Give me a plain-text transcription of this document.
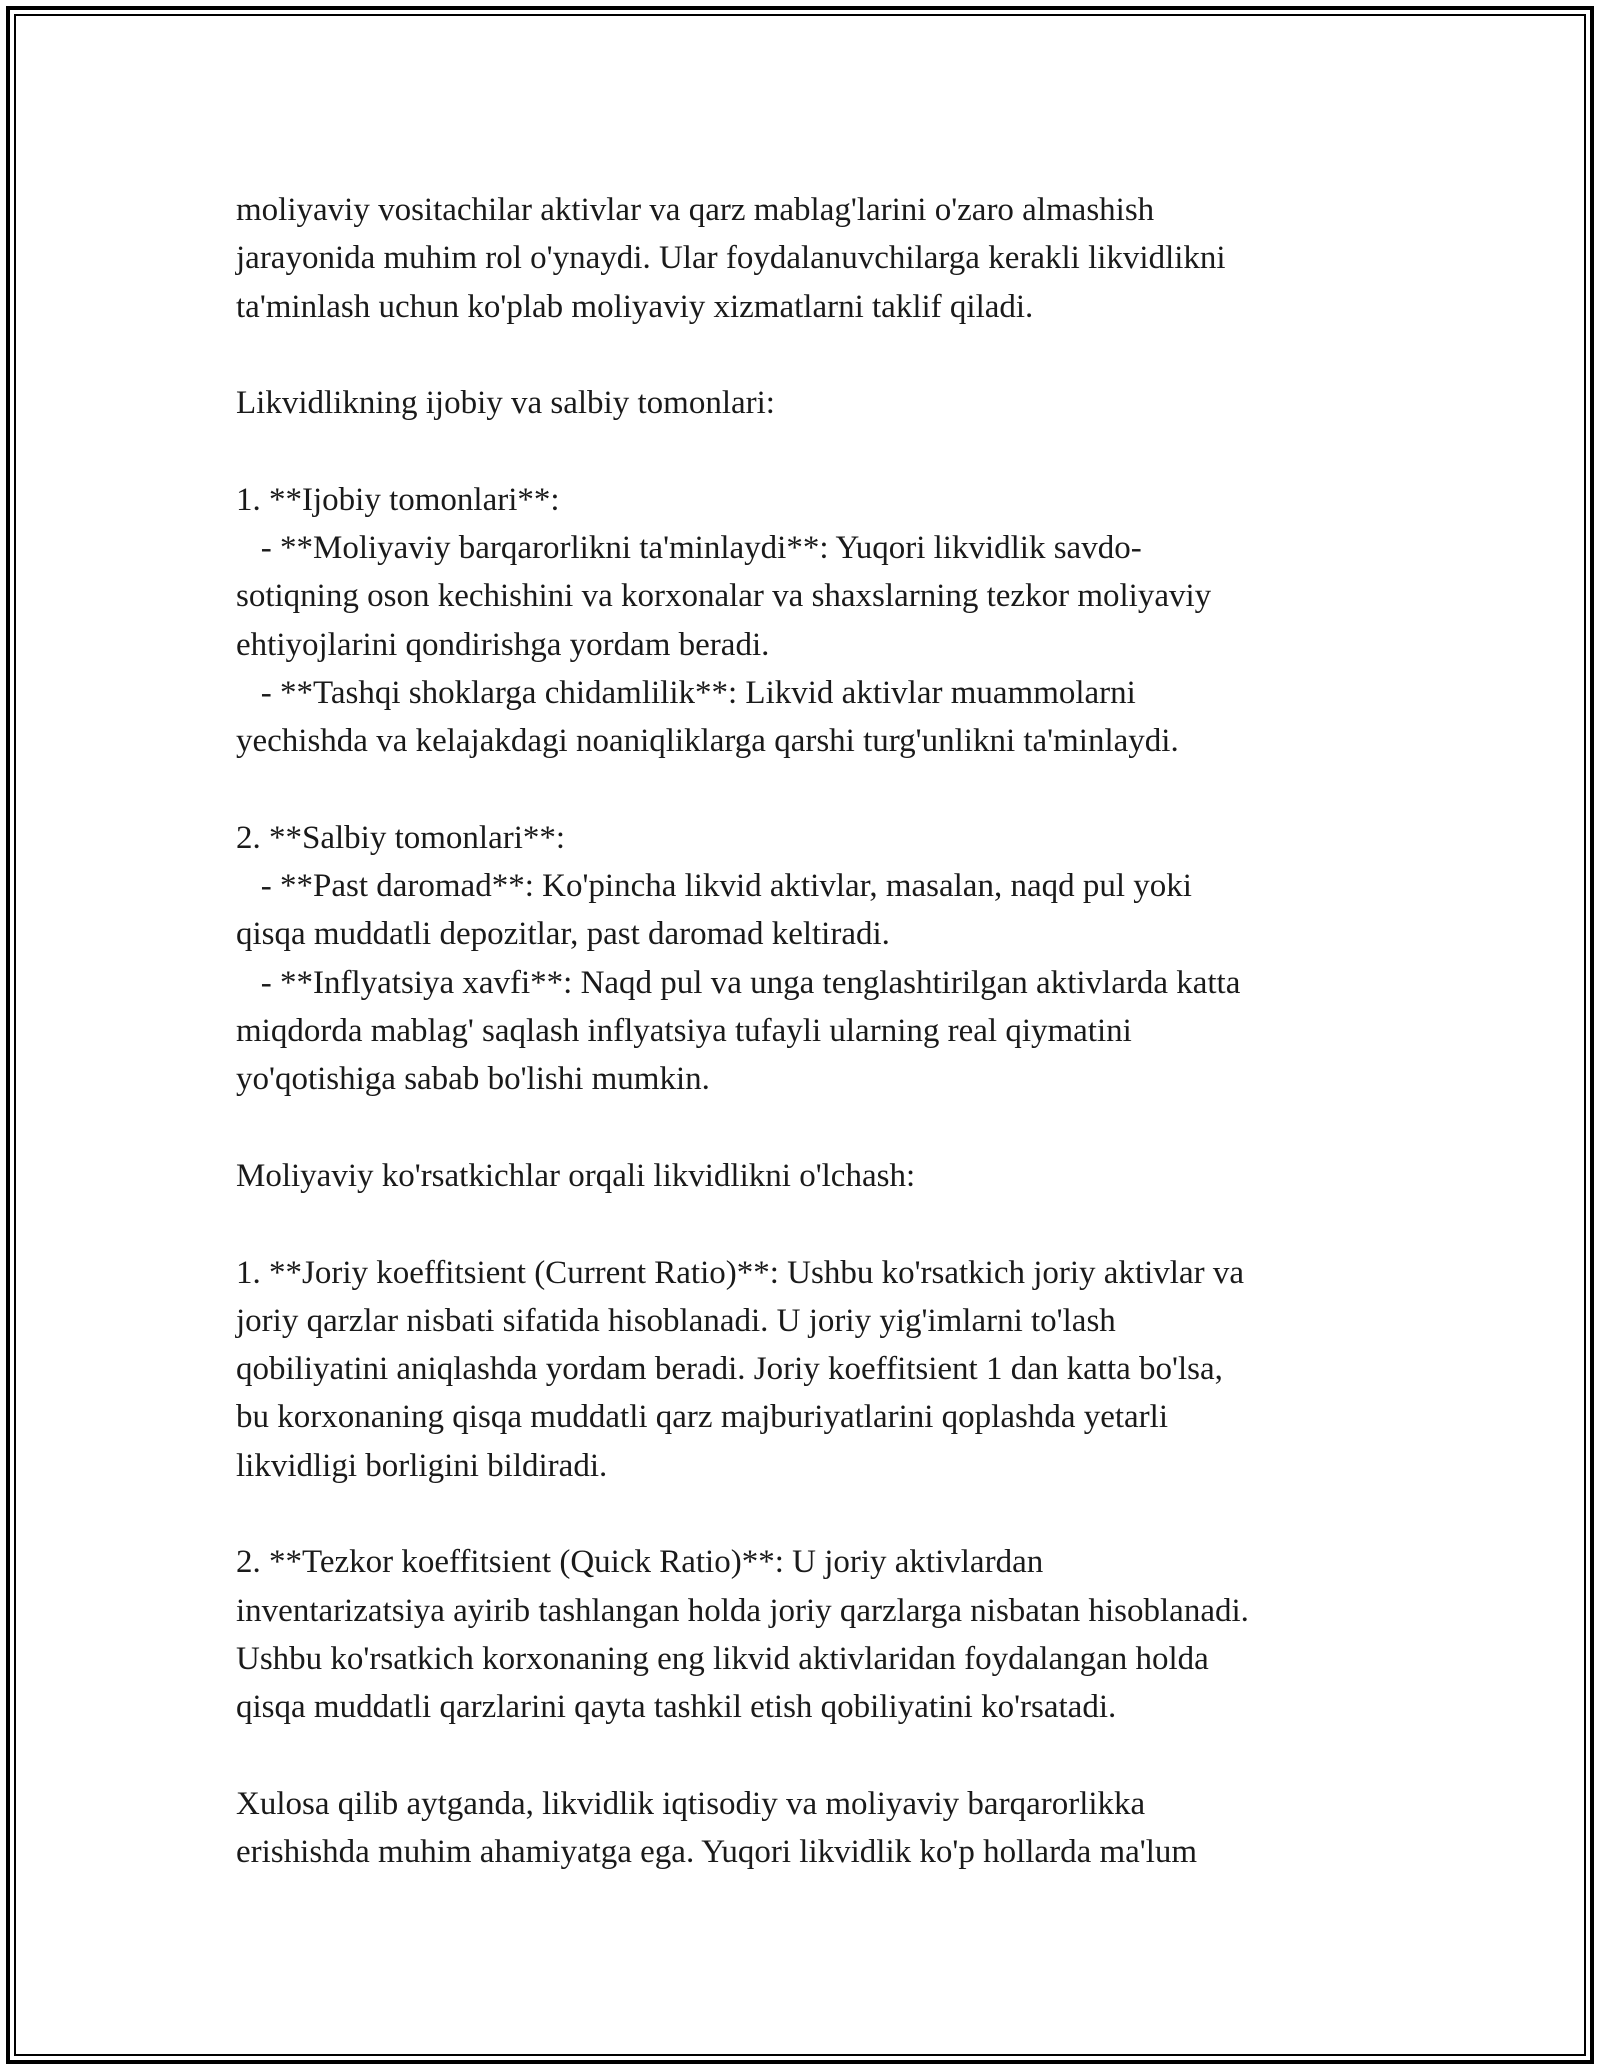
moliyaviy vositachilar aktivlar va qarz mablag'larini o'zaro almashish
jarayonida muhim rol o'ynaydi. Ular foydalanuvchilarga kerakli likvidlikni
ta'minlash uchun ko'plab moliyaviy xizmatlarni taklif qiladi.
Likvidlikning ijobiy va salbiy tomonlari:
1. **Ijobiy tomonlari**:
- **Moliyaviy barqarorlikni ta'minlaydi**: Yuqori likvidlik savdo-
sotiqning oson kechishini va korxonalar va shaxslarning tezkor moliyaviy
ehtiyojlarini qondirishga yordam beradi.
- **Tashqi shoklarga chidamlilik**: Likvid aktivlar muammolarni
yechishda va kelajakdagi noaniqliklarga qarshi turg'unlikni ta'minlaydi.
2. **Salbiy tomonlari**:
- **Past daromad**: Ko'pincha likvid aktivlar, masalan, naqd pul yoki
qisqa muddatli depozitlar, past daromad keltiradi.
- **Inflyatsiya xavfi**: Naqd pul va unga tenglashtirilgan aktivlarda katta
miqdorda mablag' saqlash inflyatsiya tufayli ularning real qiymatini
yo'qotishiga sabab bo'lishi mumkin.
Moliyaviy ko'rsatkichlar orqali likvidlikni o'lchash:
1. **Joriy koeffitsient (Current Ratio)**: Ushbu ko'rsatkich joriy aktivlar va
joriy qarzlar nisbati sifatida hisoblanadi. U joriy yig'imlarni to'lash
qobiliyatini aniqlashda yordam beradi. Joriy koeffitsient 1 dan katta bo'lsa,
bu korxonaning qisqa muddatli qarz majburiyatlarini qoplashda yetarli
likvidligi borligini bildiradi.
2. **Tezkor koeffitsient (Quick Ratio)**: U joriy aktivlardan
inventarizatsiya ayirib tashlangan holda joriy qarzlarga nisbatan hisoblanadi.
Ushbu ko'rsatkich korxonaning eng likvid aktivlaridan foydalangan holda
qisqa muddatli qarzlarini qayta tashkil etish qobiliyatini ko'rsatadi.
Xulosa qilib aytganda, likvidlik iqtisodiy va moliyaviy barqarorlikka
erishishda muhim ahamiyatga ega. Yuqori likvidlik ko'p hollarda ma'lum
